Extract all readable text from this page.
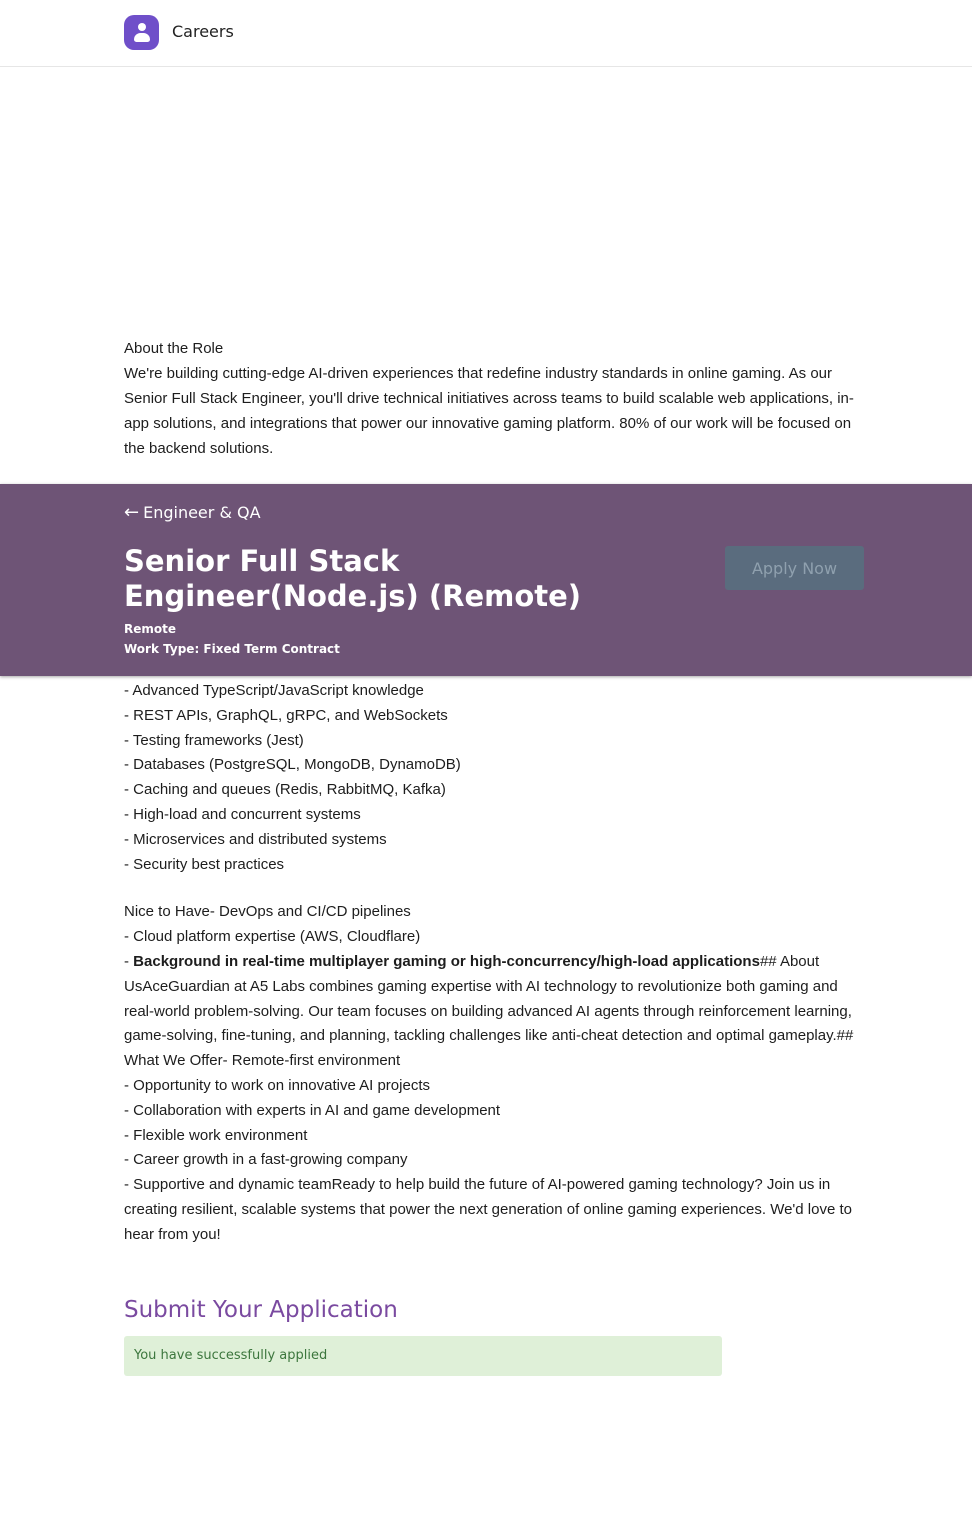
Careers
About the Role
We're building cutting-edge AI-driven experiences that redefine industry standards in online gaming. As our Senior Full Stack Engineer, you'll drive technical initiatives across teams to build scalable web applications, in-app solutions, and integrations that power our innovative gaming platform. 80% of our work will be focused on the backend solutions.
← Engineer & QA
Senior Full Stack Engineer(Node.js) (Remote)
Remote
Work Type: Fixed Term Contract
Apply Now
- Advanced TypeScript/JavaScript knowledge
- REST APIs, GraphQL, gRPC, and WebSockets
- Testing frameworks (Jest)
- Databases (PostgreSQL, MongoDB, DynamoDB)
- Caching and queues (Redis, RabbitMQ, Kafka)
- High-load and concurrent systems
- Microservices and distributed systems
- Security best practices
Nice to Have- DevOps and CI/CD pipelines
- Cloud platform expertise (AWS, Cloudflare)
- Background in real-time multiplayer gaming or high-concurrency/high-load applications## About UsAceGuardian at A5 Labs combines gaming expertise with AI technology to revolutionize both gaming and real-world problem-solving. Our team focuses on building advanced AI agents through reinforcement learning, game-solving, fine-tuning, and planning, tackling challenges like anti-cheat detection and optimal gameplay.## What We Offer- Remote-first environment
- Opportunity to work on innovative AI projects
- Collaboration with experts in AI and game development
- Flexible work environment
- Career growth in a fast-growing company
- Supportive and dynamic teamReady to help build the future of AI-powered gaming technology? Join us in creating resilient, scalable systems that power the next generation of online gaming experiences. We'd love to hear from you!
Submit Your Application
You have successfully applied
